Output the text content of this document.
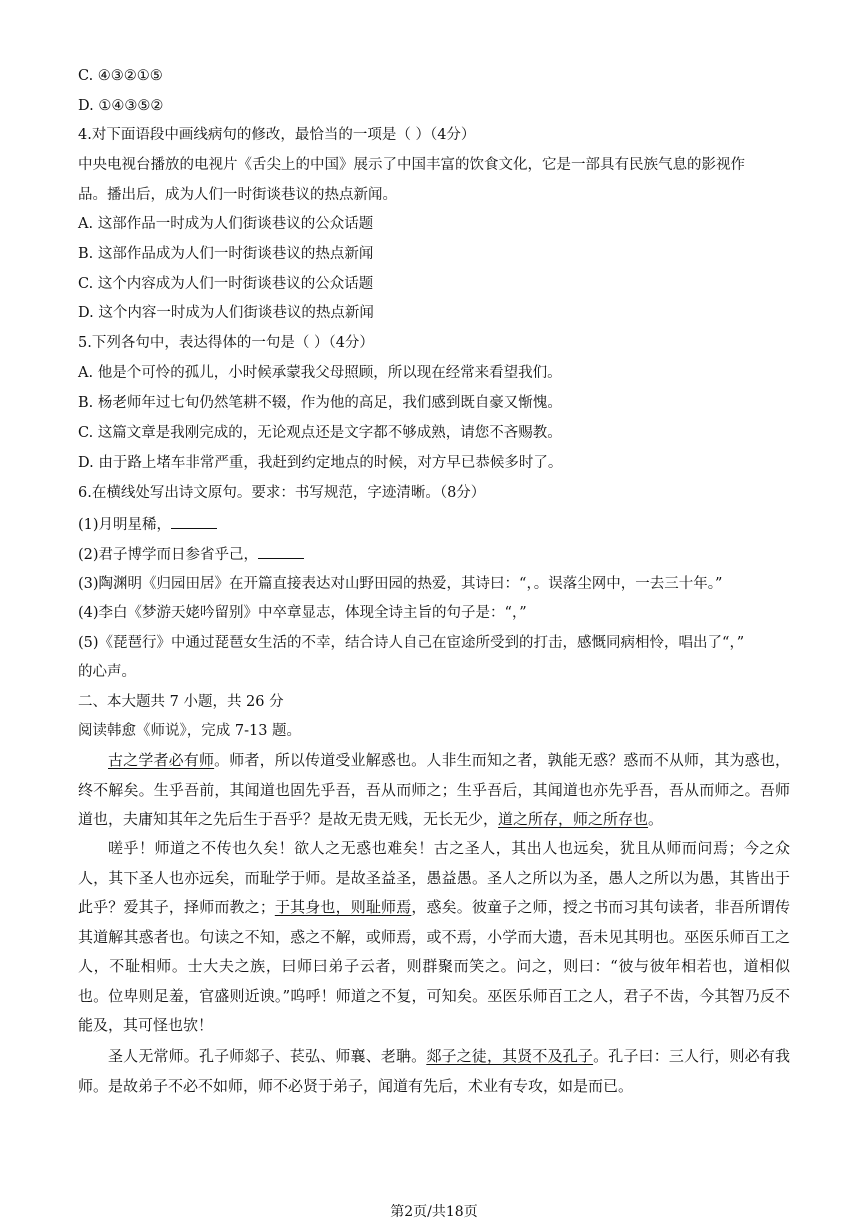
C. ④③②①⑤
D. ①④③⑤②
4.对下面语段中画线病句的修改，最恰当的一项是（ ）（4分）
中央电视台播放的电视片《舌尖上的中国》展示了中国丰富的饮食文化，它是一部具有民族气息的影视作
品。播出后，成为人们一时街谈巷议的热点新闻。
A. 这部作品一时成为人们街谈巷议的公众话题
B. 这部作品成为人们一时街谈巷议的热点新闻
C. 这个内容成为人们一时街谈巷议的公众话题
D. 这个内容一时成为人们街谈巷议的热点新闻
5.下列各句中，表达得体的一句是（ ）（4分）
A. 他是个可怜的孤儿，小时候承蒙我父母照顾，所以现在经常来看望我们。
B. 杨老师年过七旬仍然笔耕不辍，作为他的高足，我们感到既自豪又惭愧。
C. 这篇文章是我刚完成的，无论观点还是文字都不够成熟，请您不吝赐教。
D. 由于路上堵车非常严重，我赶到约定地点的时候，对方早已恭候多时了。
6.在横线处写出诗文原句。要求：书写规范，字迹清晰。（8分）
(1)月明星稀，
(2)君子博学而日参省乎己，
(3)陶渊明《归园田居》在开篇直接表达对山野田园的热爱，其诗曰：“，。误落尘网中，一去三十年。”
(4)李白《梦游天姥吟留别》中卒章显志，体现全诗主旨的句子是：“，”
(5)《琵琶行》中通过琵琶女生活的不幸，结合诗人自己在宦途所受到的打击，感慨同病相怜，唱出了“，”
的心声。
二、本大题共 7 小题，共 26 分
阅读韩愈《师说》，完成 7-13 题。
古之学者必有师。师者，所以传道受业解惑也。人非生而知之者，孰能无惑？惑而不从师，其为惑也，终不解矣。生乎吾前，其闻道也固先乎吾，吾从而师之；生乎吾后，其闻道也亦先乎吾，吾从而师之。吾师道也，夫庸知其年之先后生于吾乎？是故无贵无贱，无长无少，道之所存，师之所存也。
嗟乎！师道之不传也久矣！欲人之无惑也难矣！古之圣人，其出人也远矣，犹且从师而问焉；今之众人，其下圣人也亦远矣，而耻学于师。是故圣益圣，愚益愚。圣人之所以为圣，愚人之所以为愚，其皆出于此乎？爱其子，择师而教之；于其身也，则耻师焉，惑矣。彼童子之师，授之书而习其句读者，非吾所谓传其道解其惑者也。句读之不知，惑之不解，或师焉，或不焉，小学而大遗，吾未见其明也。巫医乐师百工之人，不耻相师。士大夫之族，曰师曰弟子云者，则群聚而笑之。问之，则曰：“彼与彼年相若也，道相似也。位卑则足羞，官盛则近谀。”呜呼！师道之不复，可知矣。巫医乐师百工之人，君子不齿，今其智乃反不能及，其可怪也欤！
圣人无常师。孔子师郯子、苌弘、师襄、老聃。郯子之徒，其贤不及孔子。孔子曰：三人行，则必有我师。是故弟子不必不如师，师不必贤于弟子，闻道有先后，术业有专攻，如是而已。
第2页/共18页
